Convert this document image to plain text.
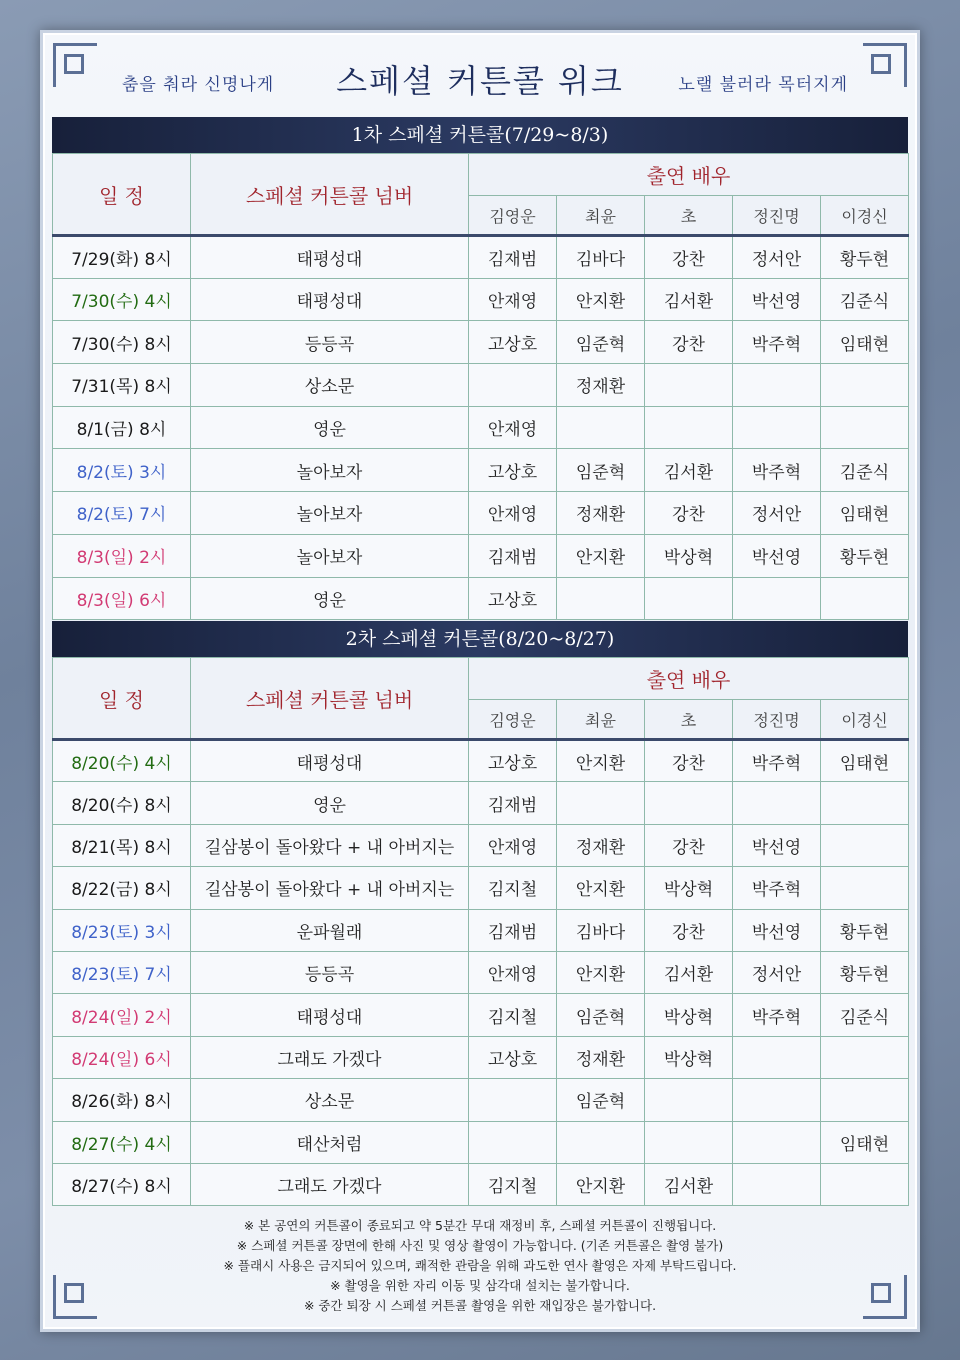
춤을 춰라 신명나게	스페셜 커튼콜 위크	노랠 불러라 목터지게
1차 스페셜 커튼콜(7/29~8/3)
일 정	스페셜 커튼콜 넘버	출연 배우				
		김영운	최윤	초	정진명	이경신
7/29(화) 8시	태평성대	김재범	김바다	강찬	정서안	황두현
7/30(수) 4시	태평성대	안재영	안지환	김서환	박선영	김준식
7/30(수) 8시	등등곡	고상호	임준혁	강찬	박주혁	임태현
7/31(목) 8시	상소문		정재환			
8/1(금) 8시	영운	안재영				
8/2(토) 3시	놀아보자	고상호	임준혁	김서환	박주혁	김준식
8/2(토) 7시	놀아보자	안재영	정재환	강찬	정서안	임태현
8/3(일) 2시	놀아보자	김재범	안지환	박상혁	박선영	황두현
8/3(일) 6시	영운	고상호				
2차 스페셜 커튼콜(8/20~8/27)
일 정	스페셜 커튼콜 넘버	출연 배우				
		김영운	최윤	초	정진명	이경신
8/20(수) 4시	태평성대	고상호	안지환	강찬	박주혁	임태현
8/20(수) 8시	영운	김재범				
8/21(목) 8시	길삼봉이 돌아왔다 + 내 아버지는	안재영	정재환	강찬	박선영	
8/22(금) 8시	길삼봉이 돌아왔다 + 내 아버지는	김지철	안지환	박상혁	박주혁	
8/23(토) 3시	운파월래	김재범	김바다	강찬	박선영	황두현
8/23(토) 7시	등등곡	안재영	안지환	김서환	정서안	황두현
8/24(일) 2시	태평성대	김지철	임준혁	박상혁	박주혁	김준식
8/24(일) 6시	그래도 가겠다	고상호	정재환	박상혁		
8/26(화) 8시	상소문		임준혁			
8/27(수) 4시	태산처럼					임태현
8/27(수) 8시	그래도 가겠다	김지철	안지환	김서환		
※ 본 공연의 커튼콜이 종료되고 약 5분간 무대 재정비 후, 스페셜 커튼콜이 진행됩니다.
※ 스페셜 커튼콜 장면에 한해 사진 및 영상 촬영이 가능합니다. (기존 커튼콜은 촬영 불가)
※ 플래시 사용은 금지되어 있으며, 쾌적한 관람을 위해 과도한 연사 촬영은 자제 부탁드립니다.
※ 촬영을 위한 자리 이동 및 삼각대 설치는 불가합니다.
※ 중간 퇴장 시 스페셜 커튼콜 촬영을 위한 재입장은 불가합니다.
